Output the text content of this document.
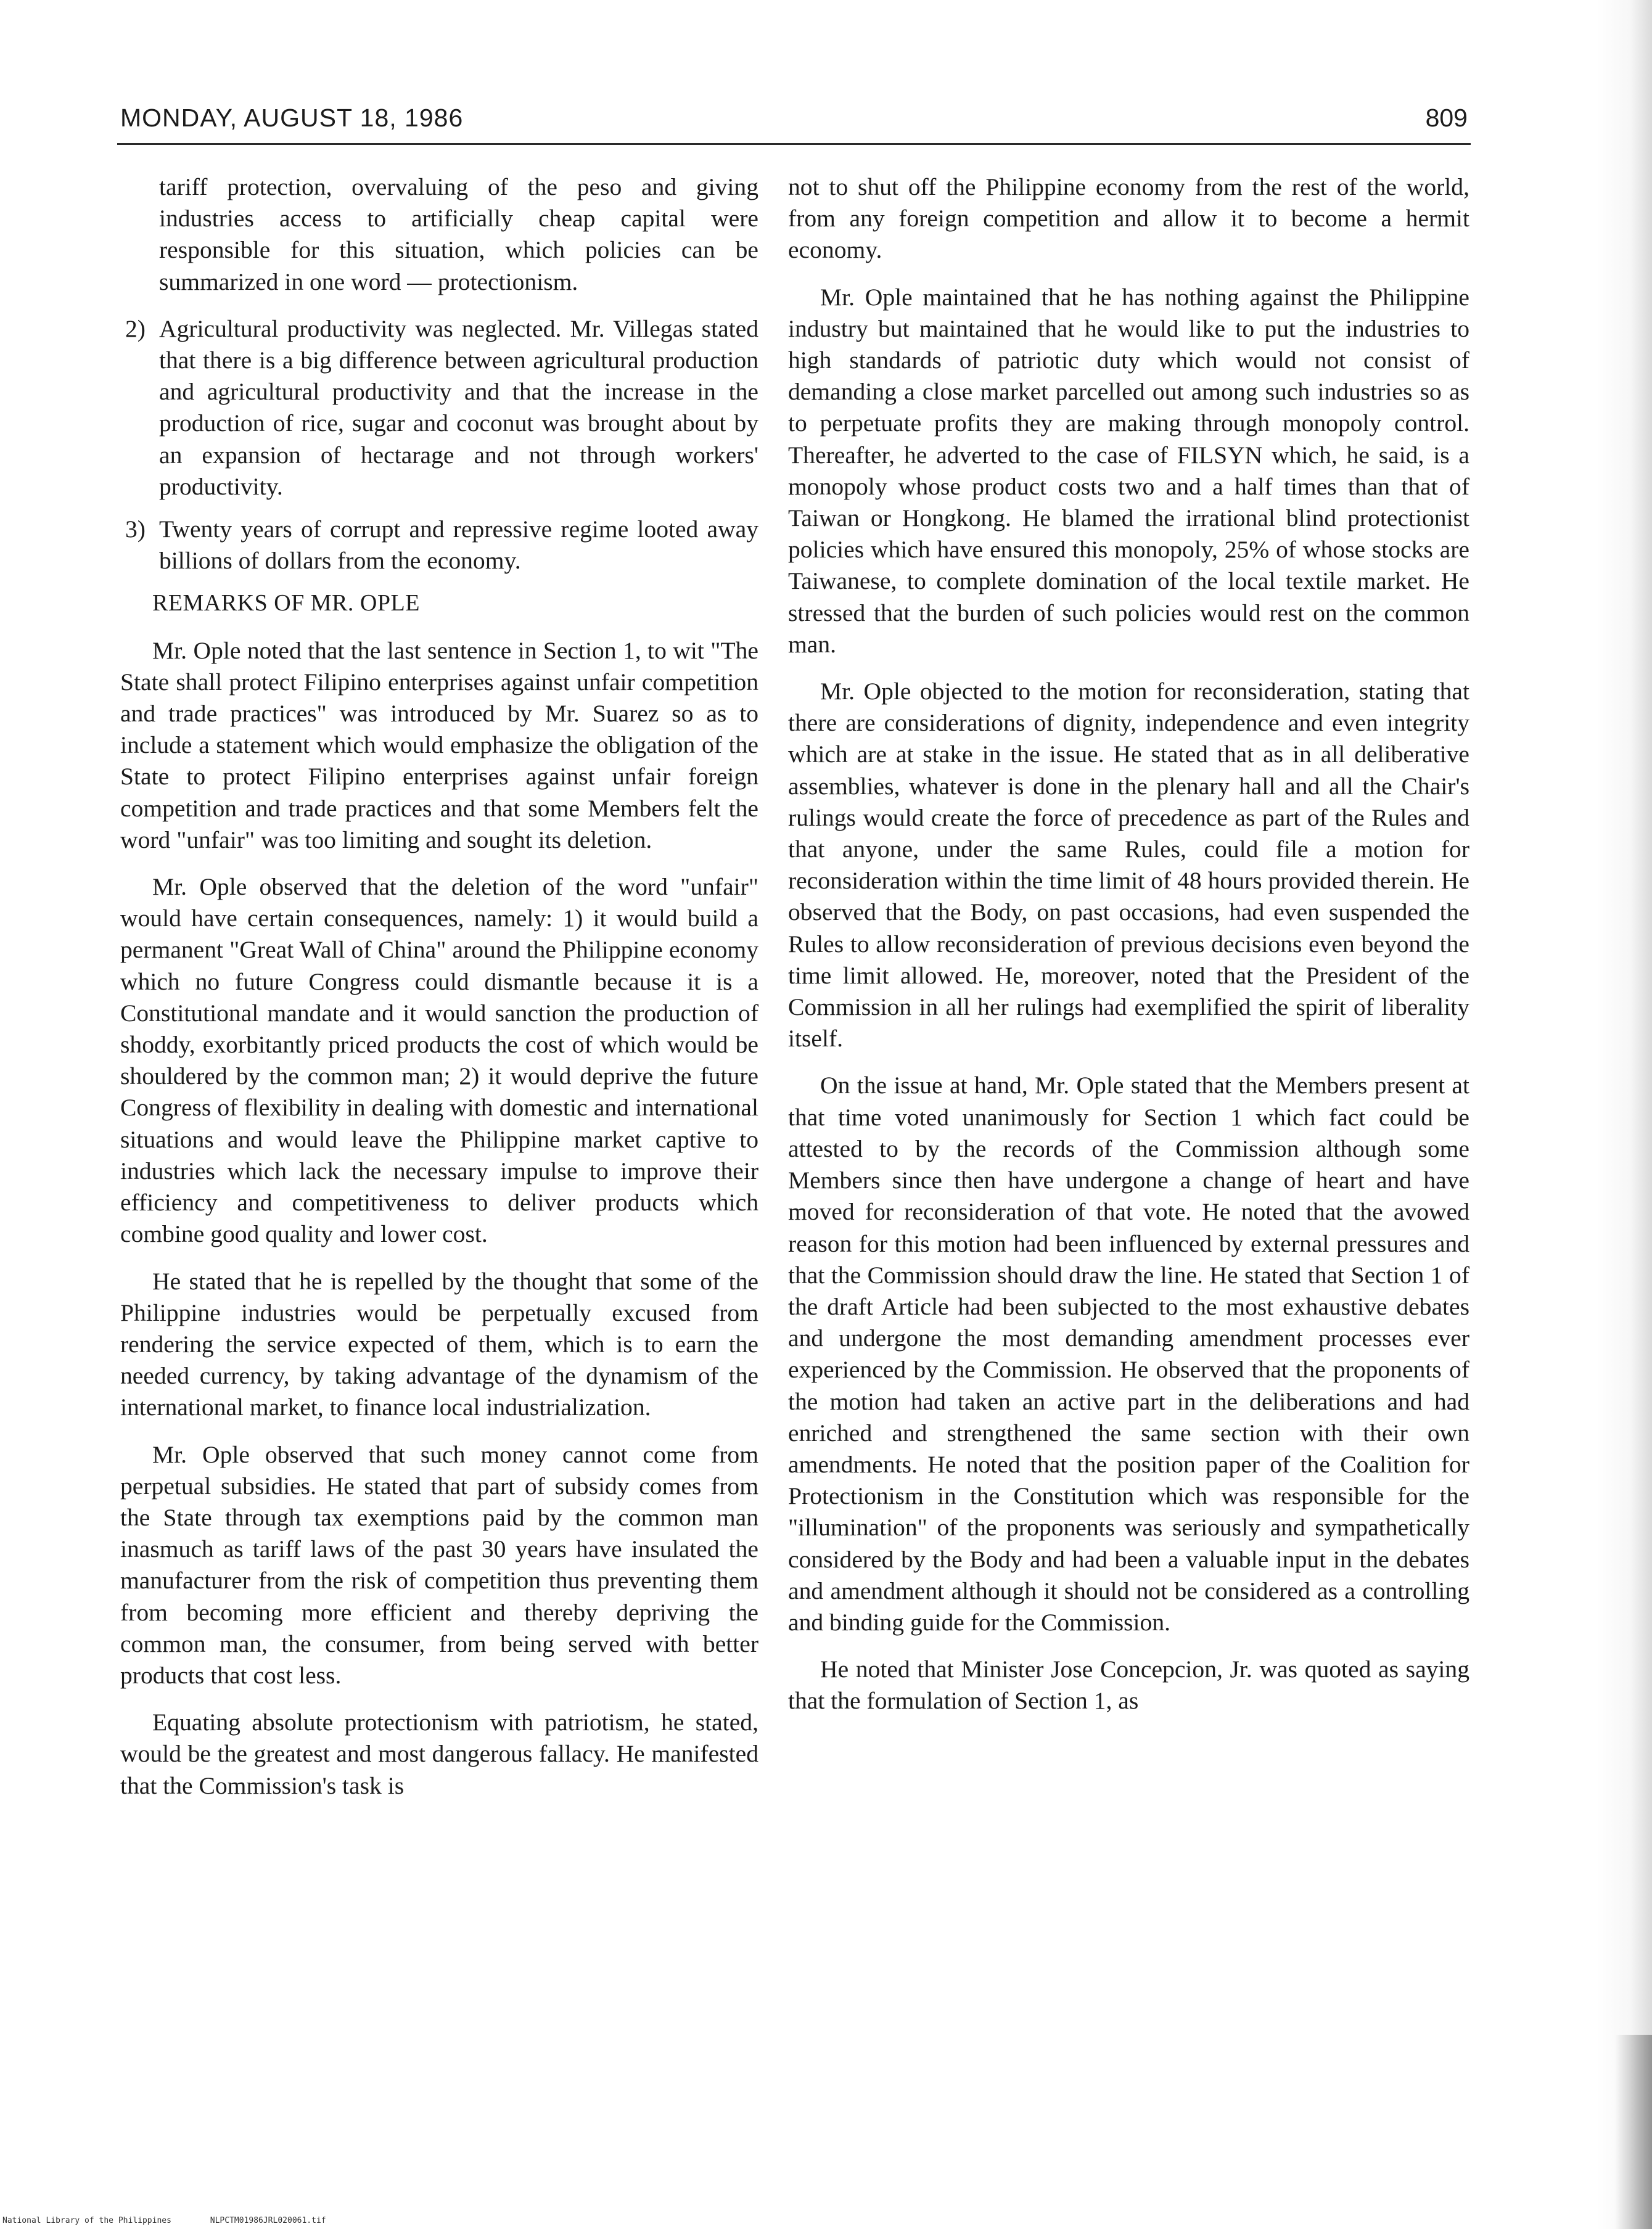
MONDAY, AUGUST 18, 1986	809

tariff protection, overvaluing of the peso and giving industries access to artificially cheap capital were responsible for this situation, which policies can be summarized in one word — protectionism.

2) Agricultural productivity was neglected. Mr. Villegas stated that there is a big difference between agricultural production and agricultural productivity and that the increase in the production of rice, sugar and coconut was brought about by an expansion of hectarage and not through workers' productivity.
3) Twenty years of corrupt and repressive regime looted away billions of dollars from the economy.

REMARKS OF MR. OPLE

Mr. Ople noted that the last sentence in Section 1, to wit "The State shall protect Filipino enterprises against unfair competition and trade practices" was introduced by Mr. Suarez so as to include a statement which would emphasize the obligation of the State to protect Filipino enterprises against unfair foreign competition and trade practices and that some Members felt the word "unfair" was too limiting and sought its deletion.

Mr. Ople observed that the deletion of the word "unfair" would have certain consequences, namely: 1) it would build a permanent "Great Wall of China" around the Philippine economy which no future Congress could dismantle because it is a Constitutional mandate and it would sanction the production of shoddy, exorbitantly priced products the cost of which would be shouldered by the common man; 2) it would deprive the future Congress of flexibility in dealing with domestic and international situations and would leave the Philippine market captive to industries which lack the necessary impulse to improve their efficiency and competitiveness to deliver products which combine good quality and lower cost.

He stated that he is repelled by the thought that some of the Philippine industries would be perpetually excused from rendering the service expected of them, which is to earn the needed currency, by taking advantage of the dynamism of the international market, to finance local industrialization.

Mr. Ople observed that such money cannot come from perpetual subsidies. He stated that part of subsidy comes from the State through tax exemptions paid by the common man inasmuch as tariff laws of the past 30 years have insulated the manufacturer from the risk of competition thus preventing them from becoming more efficient and thereby depriving the common man, the consumer, from being served with better products that cost less.

Equating absolute protectionism with patriotism, he stated, would be the greatest and most dangerous fallacy. He manifested that the Commission's task is

not to shut off the Philippine economy from the rest of the world, from any foreign competition and allow it to become a hermit economy.

Mr. Ople maintained that he has nothing against the Philippine industry but maintained that he would like to put the industries to high standards of patriotic duty which would not consist of demanding a close market parcelled out among such industries so as to perpetuate profits they are making through monopoly control. Thereafter, he adverted to the case of FILSYN which, he said, is a monopoly whose product costs two and a half times than that of Taiwan or Hongkong. He blamed the irrational blind protectionist policies which have ensured this monopoly, 25% of whose stocks are Taiwanese, to complete domination of the local textile market. He stressed that the burden of such policies would rest on the common man.

Mr. Ople objected to the motion for reconsideration, stating that there are considerations of dignity, independence and even integrity which are at stake in the issue. He stated that as in all deliberative assemblies, whatever is done in the plenary hall and all the Chair's rulings would create the force of precedence as part of the Rules and that anyone, under the same Rules, could file a motion for reconsideration within the time limit of 48 hours provided therein. He observed that the Body, on past occasions, had even suspended the Rules to allow reconsideration of previous decisions even beyond the time limit allowed. He, moreover, noted that the President of the Commission in all her rulings had exemplified the spirit of liberality itself.

On the issue at hand, Mr. Ople stated that the Members present at that time voted unanimously for Section 1 which fact could be attested to by the records of the Commission although some Members since then have undergone a change of heart and have moved for reconsideration of that vote. He noted that the avowed reason for this motion had been influenced by external pressures and that the Commission should draw the line. He stated that Section 1 of the draft Article had been subjected to the most exhaustive debates and undergone the most demanding amendment processes ever experienced by the Commission. He observed that the proponents of the motion had taken an active part in the deliberations and had enriched and strengthened the same section with their own amendments. He noted that the position paper of the Coalition for Protectionism in the Constitution which was responsible for the "illumination" of the proponents was seriously and sympathetically considered by the Body and had been a valuable input in the debates and amendment although it should not be considered as a controlling and binding guide for the Commission.

He noted that Minister Jose Concepcion, Jr. was quoted as saying that the formulation of Section 1, as

National Library of the Philippines	NLPCTM01986JRL020061.tif
